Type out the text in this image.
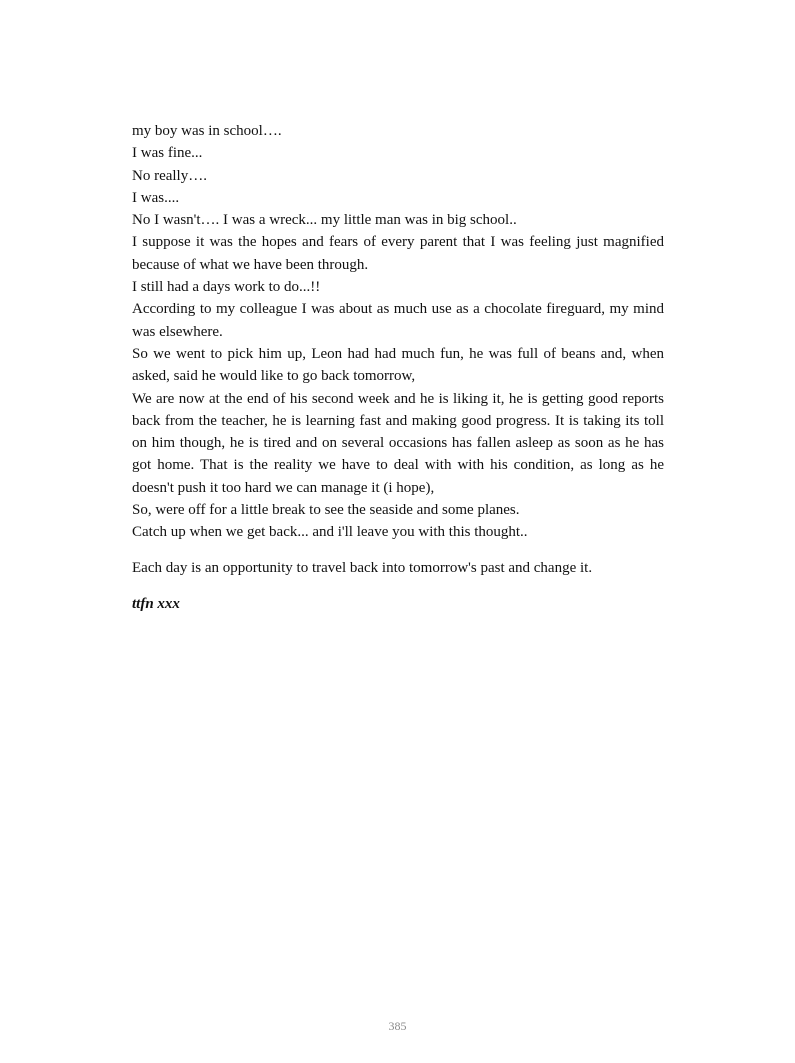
my boy was in school….

I was fine...

No really….

I was....

No I wasn't…. I was a wreck... my little man was in big school..

I suppose it was the hopes and fears of every parent that I was feeling just magnified because of what we have been through.

I still had a days work to do...!!

According to my colleague I was about as much use as a chocolate fireguard, my mind was elsewhere.

So we went to pick him up, Leon had had much fun, he was full of beans and, when asked, said he would like to go back tomorrow,

We are now at the end of his second week and he is liking it, he is getting good reports back from the teacher, he is learning fast and making good progress. It is taking its toll on him though, he is tired and on several occasions has fallen asleep as soon as he has got home. That is the reality we have to deal with with his condition, as long as he doesn't push it too hard we can manage it (i hope),

So, were off for a little break to see the seaside and some planes.

Catch up when we get back... and i'll leave you with this thought..

Each day is an opportunity to travel back into tomorrow's past and change it.

ttfn xxx

385
